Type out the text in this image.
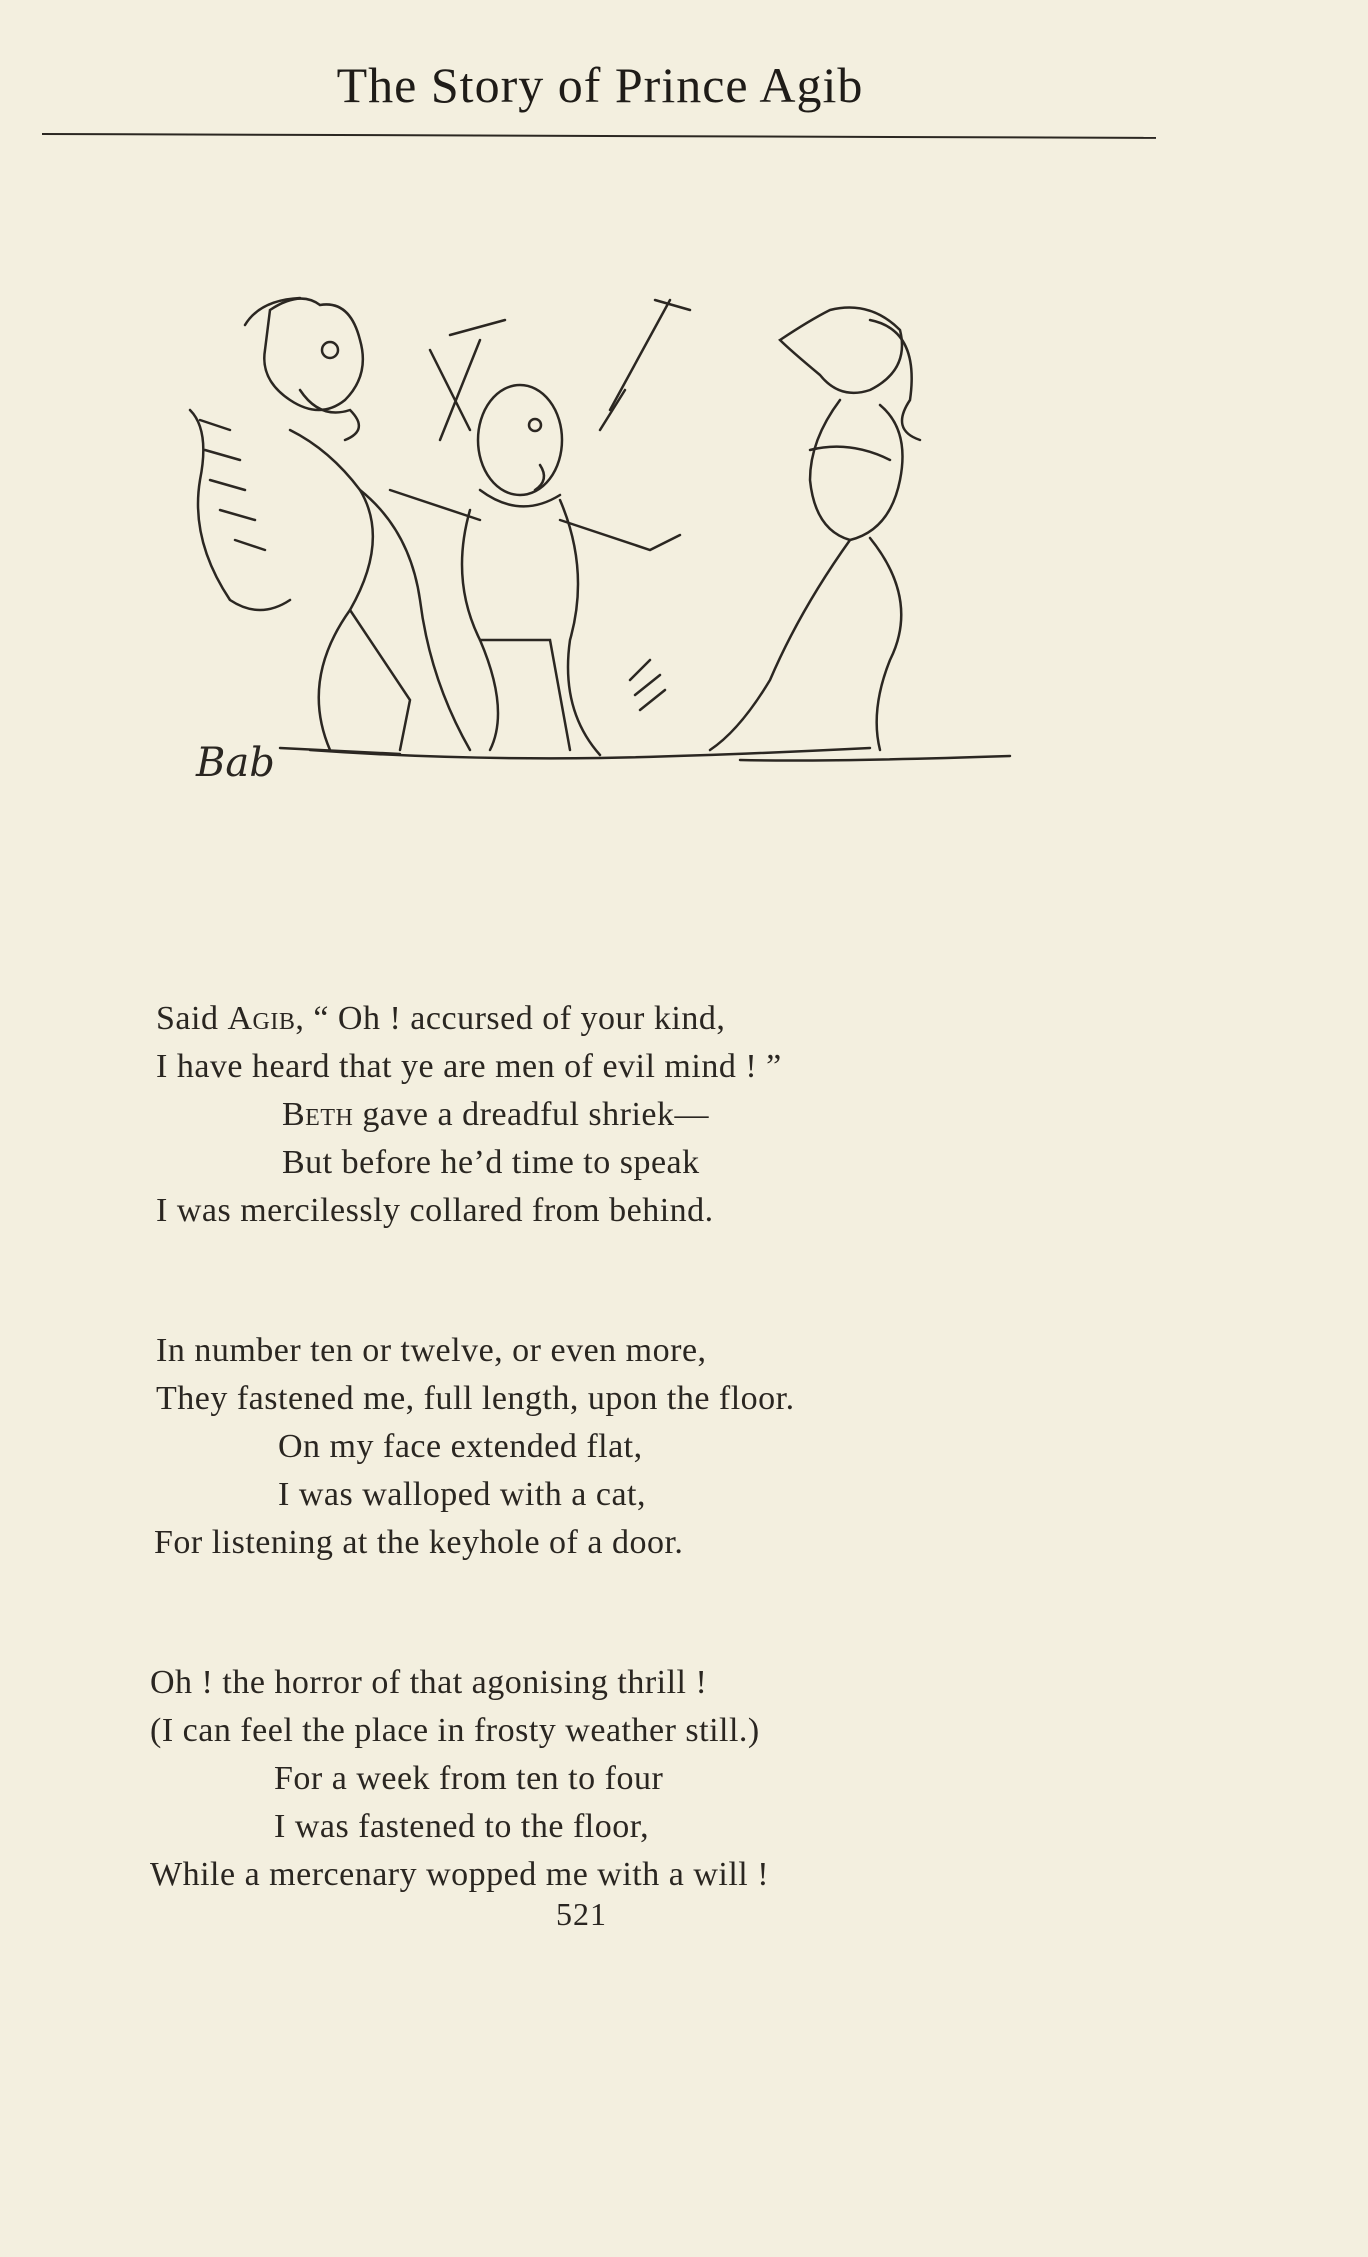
The Story of Prince Agib
Bab
Said Agib, “ Oh ! accursed of your kind,
I have heard that ye are men of evil mind ! ”
Beth gave a dreadful shriek—
But before he’d time to speak
I was mercilessly collared from behind.
In number ten or twelve, or even more,
They fastened me, full length, upon the floor.
On my face extended flat,
I was walloped with a cat,
For listening at the keyhole of a door.
Oh ! the horror of that agonising thrill !
(I can feel the place in frosty weather still.)
For a week from ten to four
I was fastened to the floor,
While a mercenary wopped me with a will !
521
